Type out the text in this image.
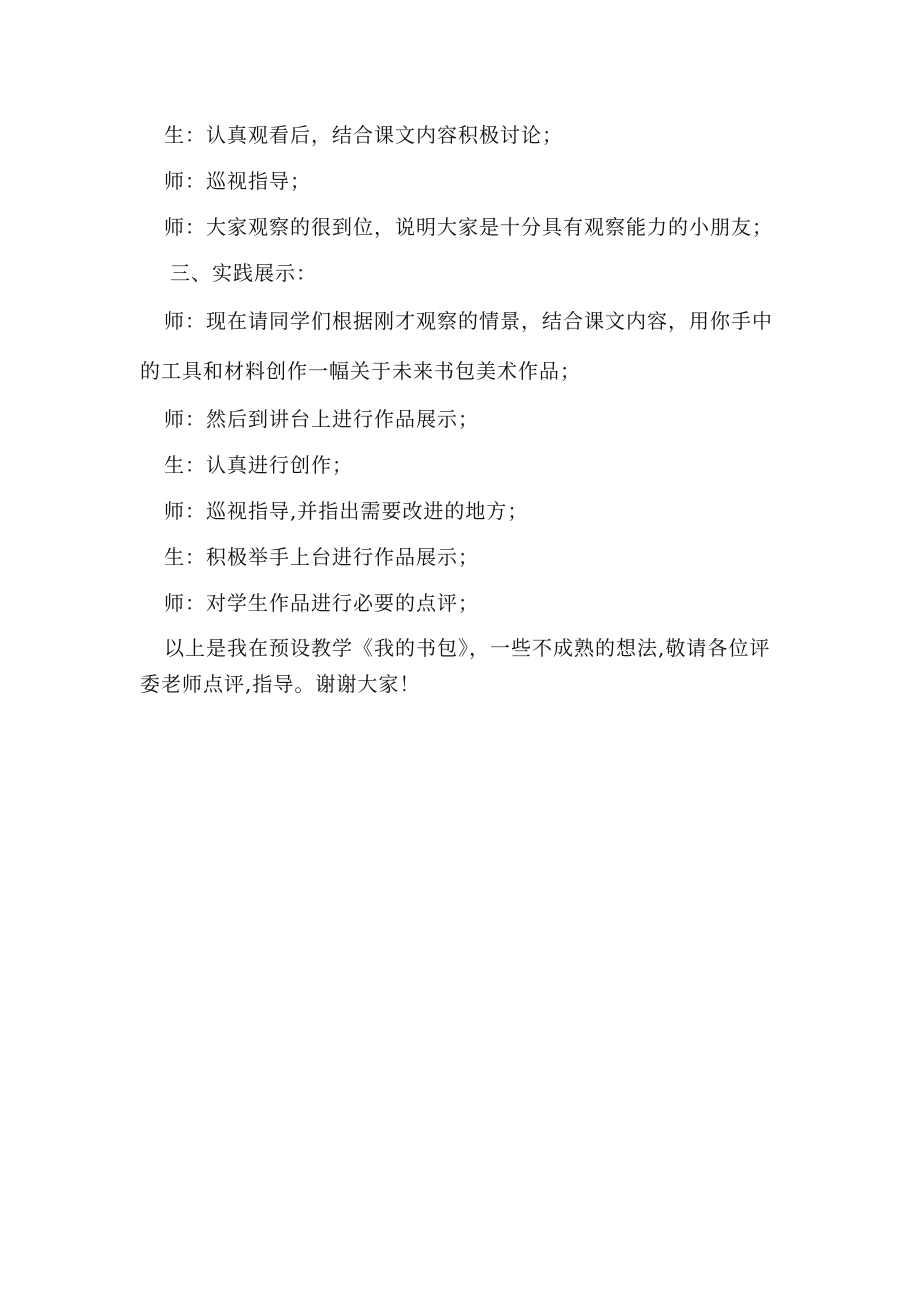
生：认真观看后，结合课文内容积极讨论；

师：巡视指导；

师：大家观察的很到位，说明大家是十分具有观察能力的小朋友；

三、实践展示：

师：现在请同学们根据刚才观察的情景，结合课文内容，用你手中的工具和材料创作一幅关于未来书包美术作品；

师：然后到讲台上进行作品展示；

生：认真进行创作；

师：巡视指导,并指出需要改进的地方；

生：积极举手上台进行作品展示；

师：对学生作品进行必要的点评；

以上是我在预设教学《我的书包》，一些不成熟的想法,敬请各位评委老师点评,指导。谢谢大家！
